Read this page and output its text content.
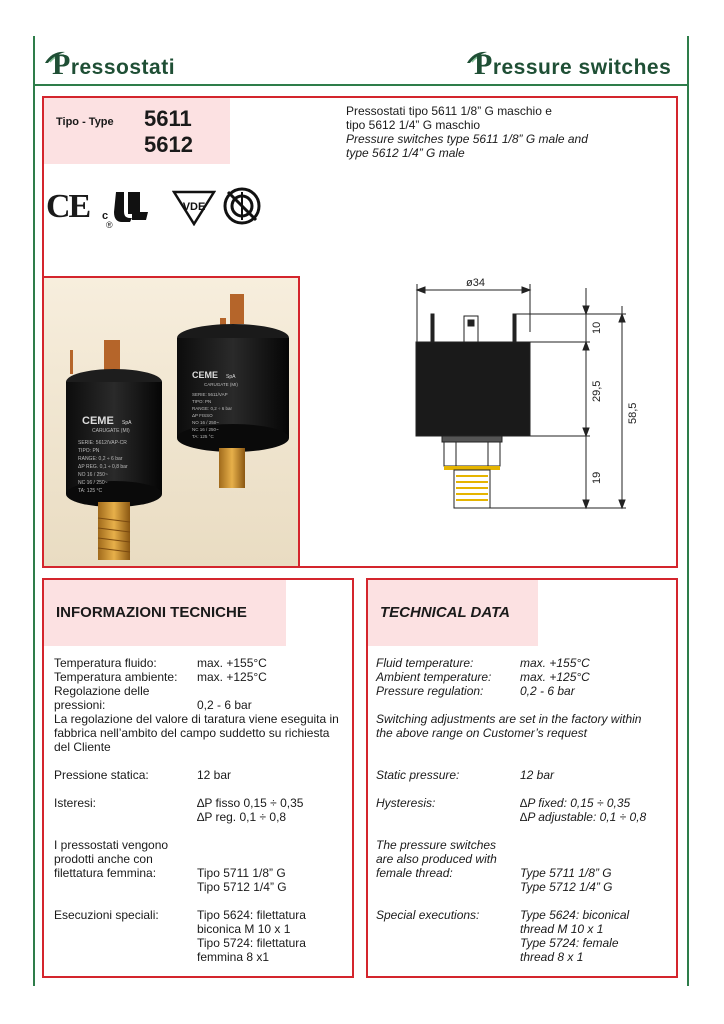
Pressostati	Pressure switches
Tipo - Type 5611
5612
Pressostati tipo 5611 1/8” G maschio e
tipo 5612 1/4” G maschio
Pressure switches type 5611 1/8” G male and
type 5612 1/4” G male
CE c
®
VDE
CEME SpA
CARUGATE (MI)
SERIE: 5611/VAP
TIPO: PN
RANGE: 0,2 ÷ 6 bar
ΔP FISSO
NO 16 / 250~
NC 16 / 250~
TA: 125 °C
CEME SpA
CARUGATE (MI)
SERIE: 5612/VAP-CR
TIPO: PN
RANGE: 0,2 ÷ 6 bar
ΔP REG. 0,1 ÷ 0,8 bar
NO 16 / 250~
NC 16 / 250~
TA: 125 °C
ø34
10
29,5
58,5
19
INFORMAZIONI TECNICHE
Temperatura fluido:	max. +155°C
Temperatura ambiente: max. +125°C
Regolazione delle
pressioni:	0,2 - 6 bar
La regolazione del valore di taratura viene eseguita in
fabbrica nell’ambito del campo suddetto su richiesta
del Cliente
Pressione statica:	12 bar
Isteresi:	∆P fisso 0,15 ÷ 0,35
∆P reg. 0,1 ÷ 0,8
I pressostati vengono
prodotti anche con
filettatura femmina:	Tipo 5711 1/8” G
Tipo 5712 1/4” G
Esecuzioni speciali:	Tipo 5624: filettatura
biconica M 10 x 1
Tipo 5724: filettatura
femmina 8 x1
TECHNICAL DATA
Fluid temperature:	max. +155°C
Ambient temperature: max. +125°C
Pressure regulation:	0,2 - 6 bar
Switching adjustments are set in the factory within
the above range on Customer’s request
Static pressure:	12 bar
Hysteresis:	∆P fixed: 0,15 ÷ 0,35
∆P adjustable: 0,1 ÷ 0,8
The pressure switches
are also produced with
female thread:	Type 5711 1/8” G
Type 5712 1/4” G
Special executions:	Type 5624: biconical
thread M 10 x 1
Type 5724: female
thread 8 x 1
